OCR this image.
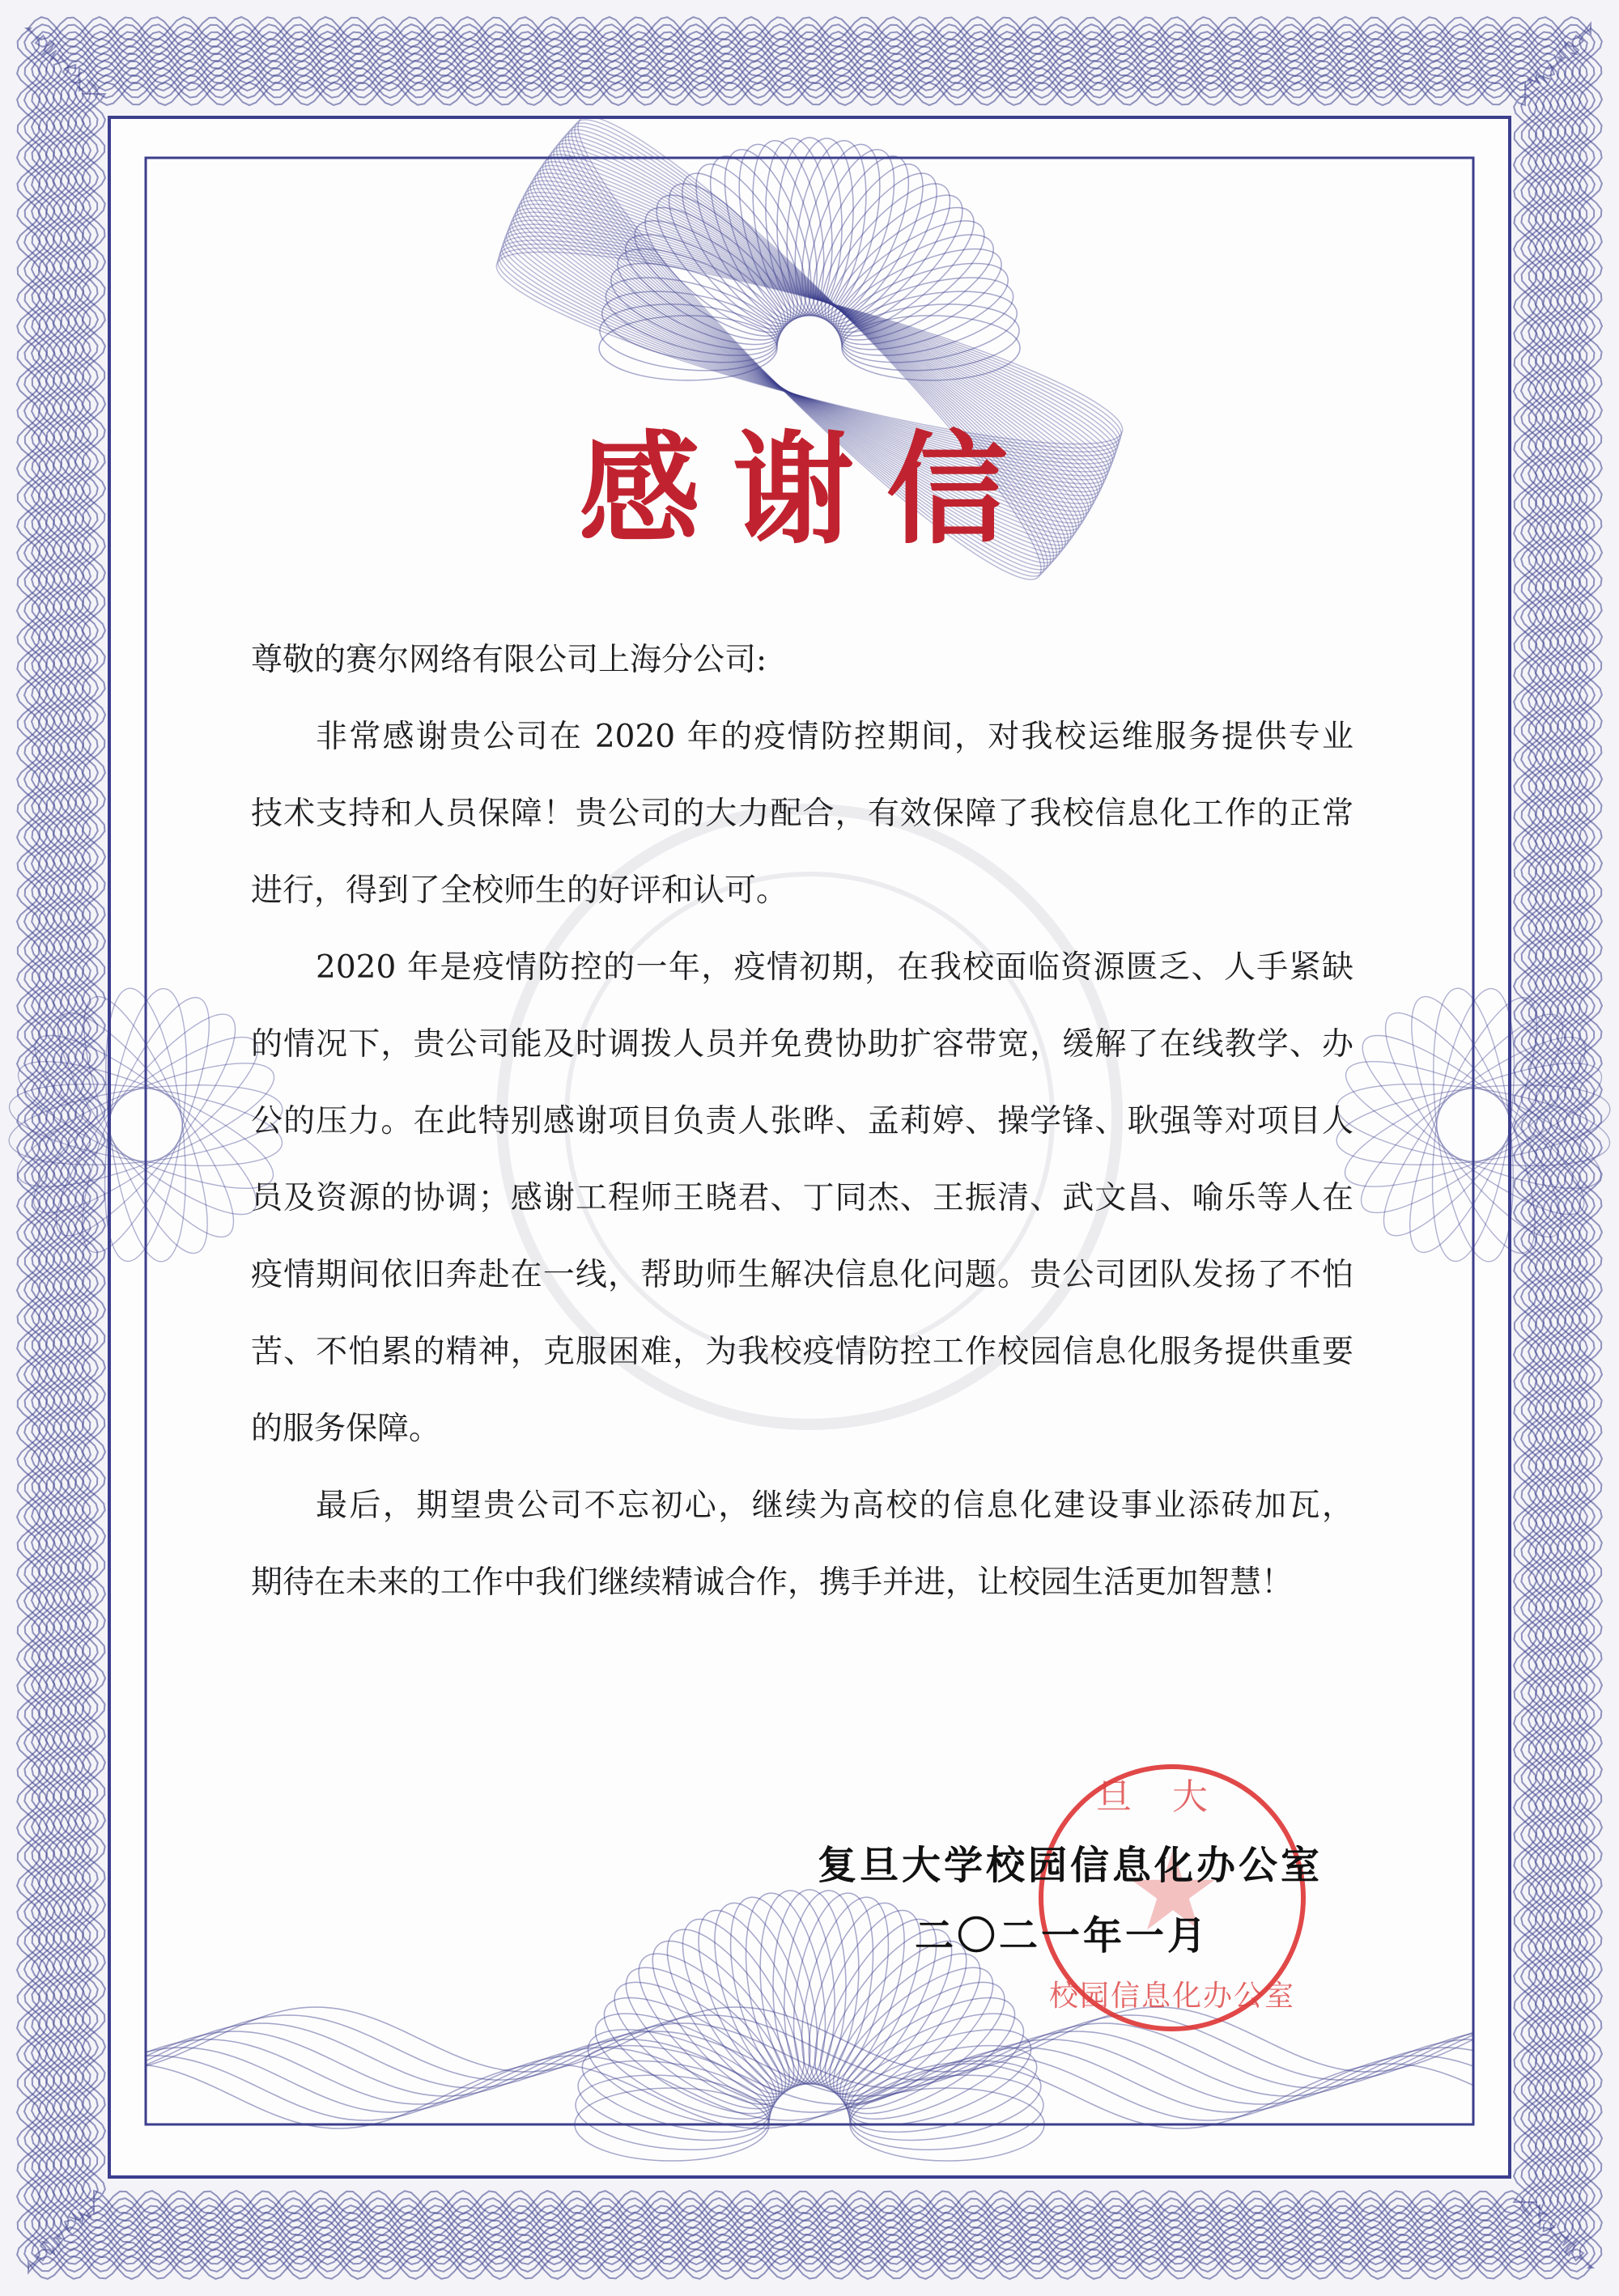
感谢信
尊敬的赛尔网络有限公司上海分公司:
非常感谢贵公司在 2020 年的疫情防控期间，对我校运维服务提供专业
技术支持和人员保障！贵公司的大力配合，有效保障了我校信息化工作的正常
进行，得到了全校师生的好评和认可。
2020 年是疫情防控的一年，疫情初期，在我校面临资源匮乏、人手紧缺
的情况下，贵公司能及时调拨人员并免费协助扩容带宽，缓解了在线教学、办
公的压力。在此特别感谢项目负责人张晔、孟莉婷、操学锋、耿强等对项目人
员及资源的协调；感谢工程师王晓君、丁同杰、王振清、武文昌、喻乐等人在
疫情期间依旧奔赴在一线，帮助师生解决信息化问题。贵公司团队发扬了不怕
苦、不怕累的精神，克服困难，为我校疫情防控工作校园信息化服务提供重要
的服务保障。
最后，期望贵公司不忘初心，继续为高校的信息化建设事业添砖加瓦，
期待在未来的工作中我们继续精诚合作，携手并进，让校园生活更加智慧！
旦大
校园信息化办公室
复旦大学校园信息化办公室
二〇二一年一月
